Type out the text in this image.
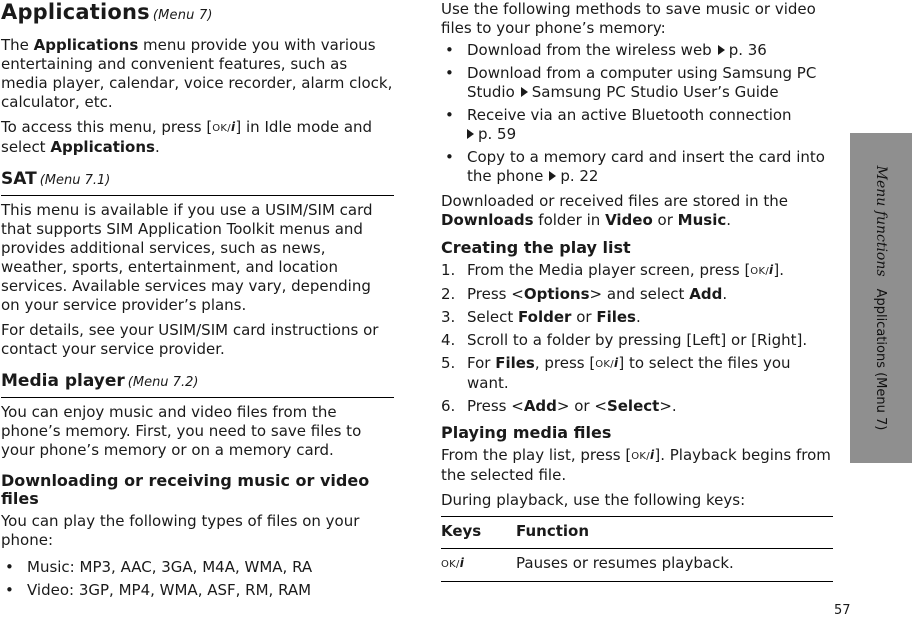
Applications (Menu 7)

The Applications menu provide you with various entertaining and convenient features, such as media player, calendar, voice recorder, alarm clock, calculator, etc.

To access this menu, press [OK/i] in Idle mode and select Applications.

SAT (Menu 7.1)

This menu is available if you use a USIM/SIM card that supports SIM Application Toolkit menus and provides additional services, such as news, weather, sports, entertainment, and location services. Available services may vary, depending on your service provider’s plans.

For details, see your USIM/SIM card instructions or contact your service provider.

Media player (Menu 7.2)

You can enjoy music and video files from the phone’s memory. First, you need to save files to your phone’s memory or on a memory card.

Downloading or receiving music or video files

You can play the following types of files on your phone:

• Music: MP3, AAC, 3GA, M4A, WMA, RA
• Video: 3GP, MP4, WMA, ASF, RM, RAM

Use the following methods to save music or video files to your phone’s memory:

• Download from the wireless web p. 36
• Download from a computer using Samsung PC Studio Samsung PC Studio User’s Guide
• Receive via an active Bluetooth connection
p. 59
• Copy to a memory card and insert the card into the phone p. 22

Downloaded or received files are stored in the Downloads folder in Video or Music.

Creating the play list
1. From the Media player screen, press [OK/i].
2. Press <Options> and select Add.
3. Select Folder or Files.
4. Scroll to a folder by pressing [Left] or [Right].
5. For Files, press [OK/i] to select the files you want.
6. Press <Add> or <Select>.
Playing media files

From the play list, press [OK/i]. Playback begins from the selected file.

During playback, use the following keys:

Keys	Function
OK/i	Pauses or resumes playback.
Menu functionsApplications (Menu 7)
57
